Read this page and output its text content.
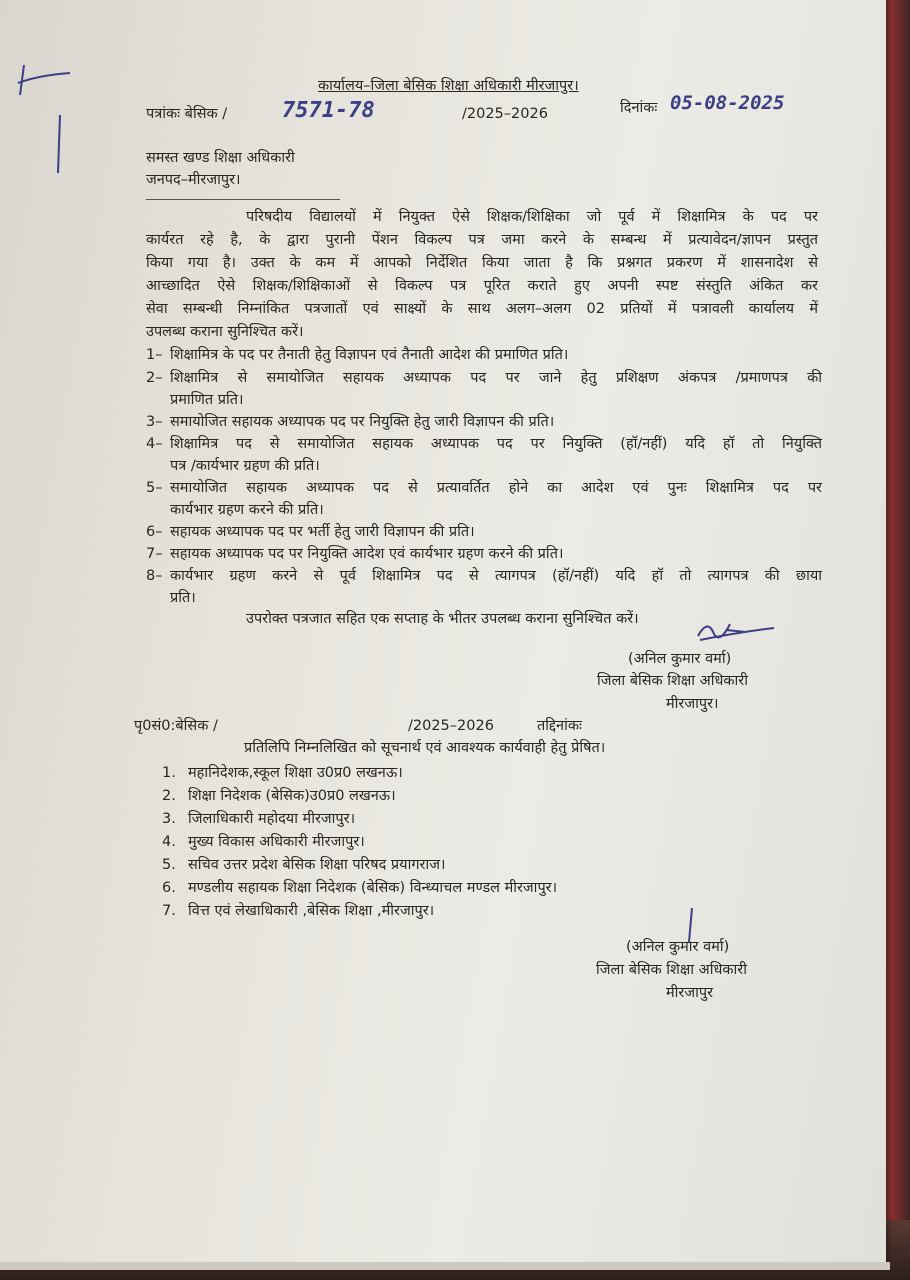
कार्यालय–जिला बेसिक शिक्षा अधिकारी मीरजापुर।
पत्रांकः बेसिक / 7571-78	/2025–2026	दिनांकः 05-08-2025
समस्त खण्ड शिक्षा अधिकारी
जनपद–मीरजापुर।
परिषदीय विद्यालयों में नियुक्त ऐसे शिक्षक/शिक्षिका जो पूर्व में शिक्षामित्र के पद पर
कार्यरत रहे है, के द्वारा पुरानी पेंशन विकल्प पत्र जमा करने के सम्बन्ध में प्रत्यावेदन/ज्ञापन प्रस्तुत
किया गया है। उक्त के कम में आपको निर्देशित किया जाता है कि प्रश्नगत प्रकरण में शासनादेश से
आच्छादित ऐसे शिक्षक/शिक्षिकाओं से विकल्प पत्र पूरित कराते हुए अपनी स्पष्ट संस्तुति अंकित कर
सेवा सम्बन्धी निम्नांकित पत्रजातों एवं साक्ष्यों के साथ अलग–अलग 02 प्रतियों में पत्रावली कार्यालय में
उपलब्ध कराना सुनिश्चित करें।
1– शिक्षामित्र के पद पर तैनाती हेतु विज्ञापन एवं तैनाती आदेश की प्रमाणित प्रति।
2– शिक्षामित्र से समायोजित सहायक अध्यापक पद पर जाने हेतु प्रशिक्षण अंकपत्र /प्रमाणपत्र की
प्रमाणित प्रति।
3– समायोजित सहायक अध्यापक पद पर नियुक्ति हेतु जारी विज्ञापन की प्रति।
4– शिक्षामित्र पद से समायोजित सहायक अध्यापक पद पर नियुक्ति (हॉ/नहीं) यदि हॉ तो नियुक्ति
पत्र /कार्यभार ग्रहण की प्रति।
5– समायोजित सहायक अध्यापक पद से प्रत्यावर्तित होने का आदेश एवं पुनः शिक्षामित्र पद पर
कार्यभार ग्रहण करने की प्रति।
6– सहायक अध्यापक पद पर भर्ती हेतु जारी विज्ञापन की प्रति।
7– सहायक अध्यापक पद पर नियुक्ति आदेश एवं कार्यभार ग्रहण करने की प्रति।
8– कार्यभार ग्रहण करने से पूर्व शिक्षामित्र पद से त्यागपत्र (हॉ/नहीं) यदि हॉ तो त्यागपत्र की छाया
प्रति।
उपरोक्त पत्रजात सहित एक सप्ताह के भीतर उपलब्ध कराना सुनिश्चित करें।
(अनिल कुमार वर्मा)
जिला बेसिक शिक्षा अधिकारी
मीरजापुर।
पृ0सं0:बेसिक /	/2025–2026	तद्दिनांकः
प्रतिलिपि निम्नलिखित को सूचनार्थ एवं आवश्यक कार्यवाही हेतु प्रेषित।
1. महानिदेशक,स्कूल शिक्षा उ0प्र0 लखनऊ।
2. शिक्षा निदेशक (बेसिक)उ0प्र0 लखनऊ।
3. जिलाधिकारी महोदया मीरजापुर।
4. मुख्य विकास अधिकारी मीरजापुर।
5. सचिव उत्तर प्रदेश बेसिक शिक्षा परिषद प्रयागराज।
6. मण्डलीय सहायक शिक्षा निदेशक (बेसिक) विन्ध्याचल मण्डल मीरजापुर।
7. वित्त एवं लेखाधिकारी ,बेसिक शिक्षा ,मीरजापुर।
(अनिल कुमार वर्मा)
जिला बेसिक शिक्षा अधिकारी
मीरजापुर
